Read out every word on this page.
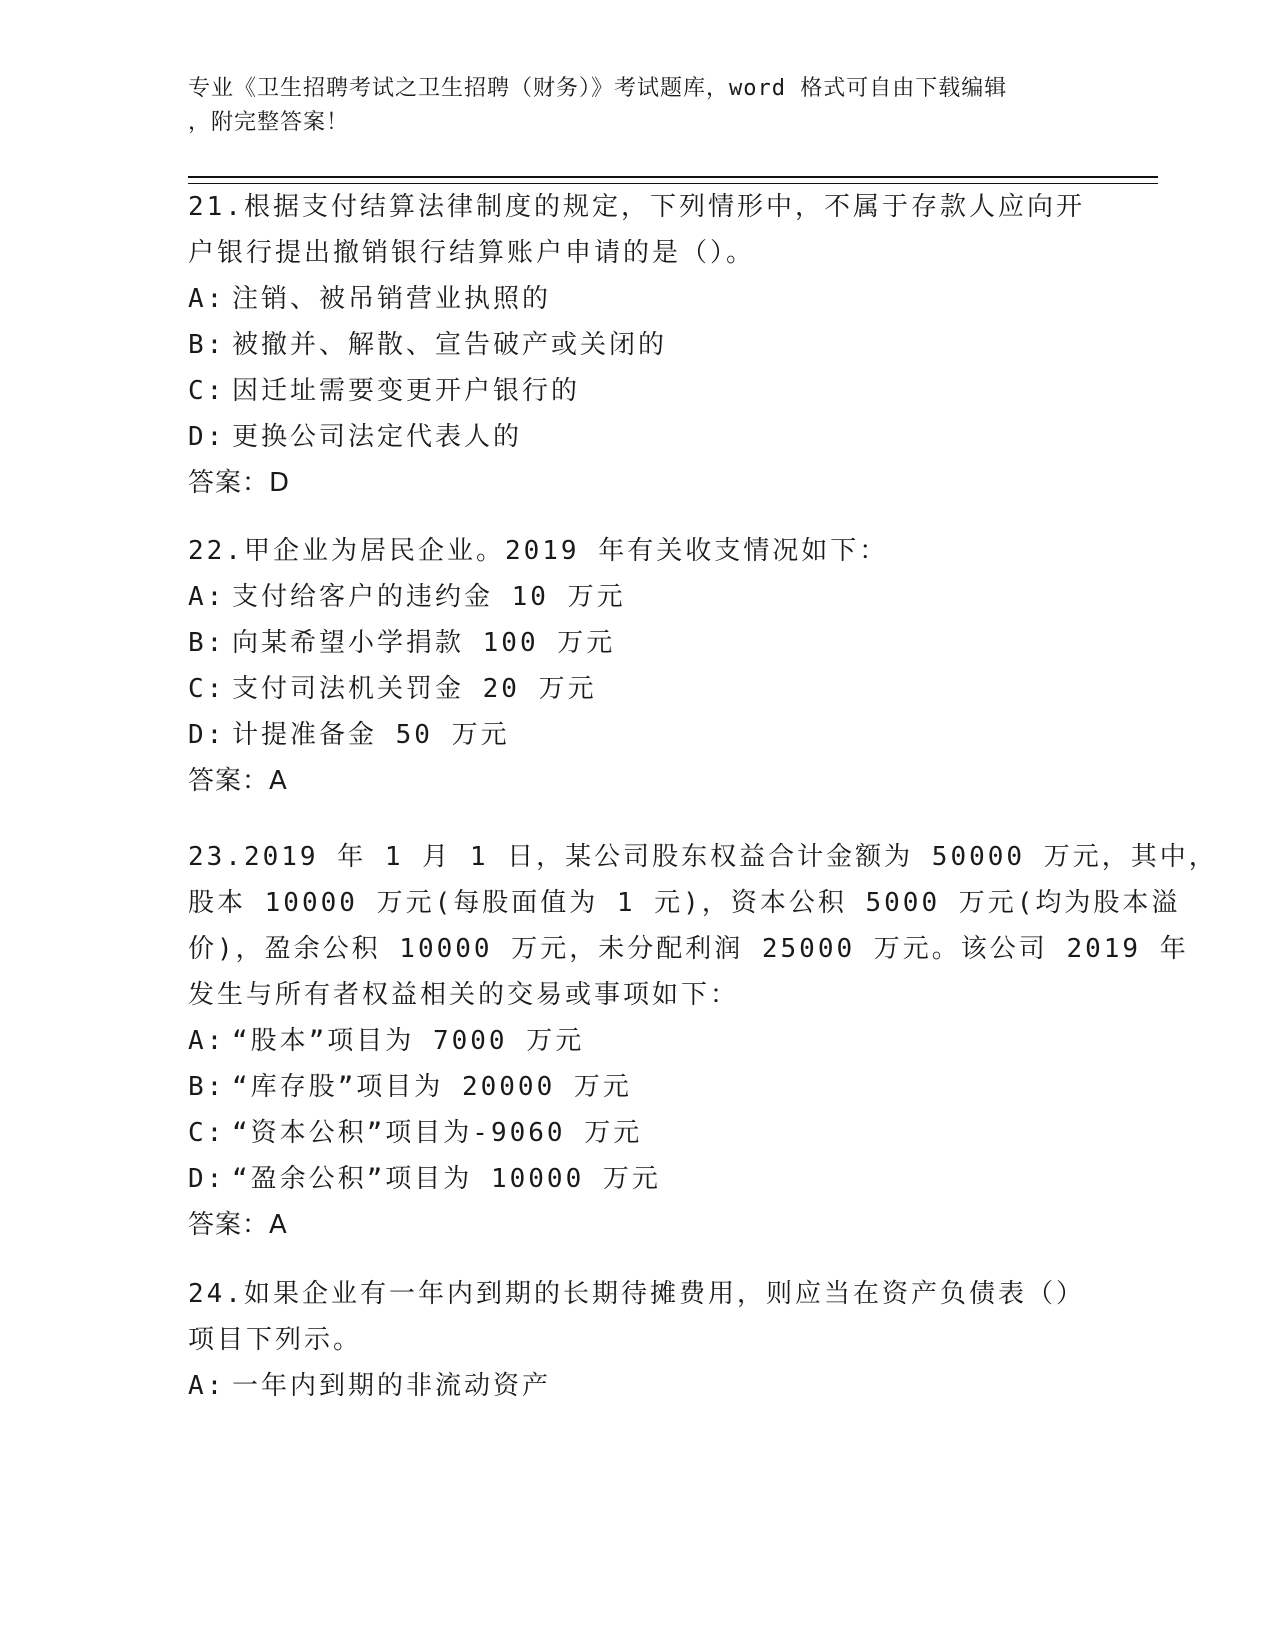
专业《卫生招聘考试之卫生招聘（财务）》考试题库，word 格式可自由下载编辑
，附完整答案！
21.根据支付结算法律制度的规定，下列情形中，不属于存款人应向开
户银行提出撤销银行结算账户申请的是（）。
A: 注销、被吊销营业执照的
B: 被撤并、解散、宣告破产或关闭的
C: 因迁址需要变更开户银行的
D: 更换公司法定代表人的
答案：D
22.甲企业为居民企业。2019 年有关收支情况如下：
A: 支付给客户的违约金 10 万元
B: 向某希望小学捐款 100 万元
C: 支付司法机关罚金 20 万元
D: 计提准备金 50 万元
答案：A
23.2019 年 1 月 1 日，某公司股东权益合计金额为 50000 万元，其中，
股本 10000 万元(每股面值为 1 元)，资本公积 5000 万元(均为股本溢
价)，盈余公积 10000 万元，未分配利润 25000 万元。该公司 2019 年
发生与所有者权益相关的交易或事项如下：
A: “股本”项目为 7000 万元
B: “库存股”项目为 20000 万元
C: “资本公积”项目为-9060 万元
D: “盈余公积”项目为 10000 万元
答案：A
24.如果企业有一年内到期的长期待摊费用，则应当在资产负债表（）
项目下列示。
A: 一年内到期的非流动资产
